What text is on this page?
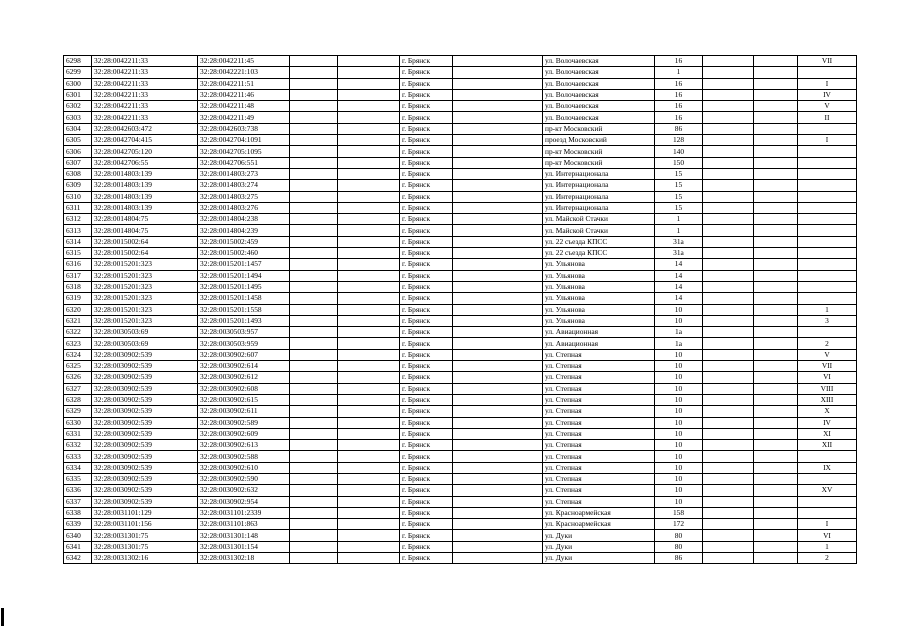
6298	32:28:0042211:33	32:28:0042211:45			г. Брянск		ул. Волочаевская	16			VII
6299	32:28:0042211:33	32:28:0042221:103			г. Брянск		ул. Волочаевская	1			
6300	32:28:0042211:33	32:28:0042211:51			г. Брянск		ул. Волочаевская	16			I
6301	32:28:0042211:33	32:28:0042211:46			г. Брянск		ул. Волочаевская	16			IV
6302	32:28:0042211:33	32:28:0042211:48			г. Брянск		ул. Волочаевская	16			V
6303	32:28:0042211:33	32:28:0042211:49			г. Брянск		ул. Волочаевская	16			II
6304	32:28:0042603:472	32:28:0042603:738			г. Брянск		пр-кт Московский	86			
6305	32:28:0042704:415	32:28:0042704:1091			г. Брянск		проезд Московский	128			I
6306	32:28:0042705:120	32:28:0042705:1095			г. Брянск		пр-кт Московский	140			
6307	32:28:0042706:55	32:28:0042706:551			г. Брянск		пр-кт Московский	150			
6308	32:28:0014803:139	32:28:0014803:273			г. Брянск		ул. Интернационала	15			
6309	32:28:0014803:139	32:28:0014803:274			г. Брянск		ул. Интернационала	15			
6310	32:28:0014803:139	32:28:0014803:275			г. Брянск		ул. Интернационала	15			
6311	32:28:0014803:139	32:28:0014803:276			г. Брянск		ул. Интернационала	15			
6312	32:28:0014804:75	32:28:0014804:238			г. Брянск		ул. Майской Стачки	1			
6313	32:28:0014804:75	32:28:0014804:239			г. Брянск		ул. Майской Стачки	1			
6314	32:28:0015002:64	32:28:0015002:459			г. Брянск		ул. 22 съезда КПСС	31а			
6315	32:28:0015002:64	32:28:0015002:460			г. Брянск		ул. 22 съезда КПСС	31а			
6316	32:28:0015201:323	32:28:0015201:1457			г. Брянск		ул. Ульянова	14			
6317	32:28:0015201:323	32:28:0015201:1494			г. Брянск		ул. Ульянова	14			
6318	32:28:0015201:323	32:28:0015201:1495			г. Брянск		ул. Ульянова	14			
6319	32:28:0015201:323	32:28:0015201:1458			г. Брянск		ул. Ульянова	14			
6320	32:28:0015201:323	32:28:0015201:1558			г. Брянск		ул. Ульянова	10			1
6321	32:28:0015201:323	32:28:0015201:1493			г. Брянск		ул. Ульянова	10			3
6322	32:28:0030503:69	32:28:0030503:957			г. Брянск		ул. Авиационная	1а			
6323	32:28:0030503:69	32:28:0030503:959			г. Брянск		ул. Авиационная	1а			2
6324	32:28:0030902:539	32:28:0030902:607			г. Брянск		ул. Степная	10			V
6325	32:28:0030902:539	32:28:0030902:614			г. Брянск		ул. Степная	10			VII
6326	32:28:0030902:539	32:28:0030902:612			г. Брянск		ул. Степная	10			VI
6327	32:28:0030902:539	32:28:0030902:608			г. Брянск		ул. Степная	10			VIII
6328	32:28:0030902:539	32:28:0030902:615			г. Брянск		ул. Степная	10			XIII
6329	32:28:0030902:539	32:28:0030902:611			г. Брянск		ул. Степная	10			X
6330	32:28:0030902:539	32:28:0030902:589			г. Брянск		ул. Степная	10			IV
6331	32:28:0030902:539	32:28:0030902:609			г. Брянск		ул. Степная	10			XI
6332	32:28:0030902:539	32:28:0030902:613			г. Брянск		ул. Степная	10			XII
6333	32:28:0030902:539	32:28:0030902:588			г. Брянск		ул. Степная	10			
6334	32:28:0030902:539	32:28:0030902:610			г. Брянск		ул. Степная	10			IX
6335	32:28:0030902:539	32:28:0030902:590			г. Брянск		ул. Степная	10			
6336	32:28:0030902:539	32:28:0030902:632			г. Брянск		ул. Степная	10			XV
6337	32:28:0030902:539	32:28:0030902:954			г. Брянск		ул. Степная	10			
6338	32:28:0031101:129	32:28:0031101:2339			г. Брянск		ул. Красноармейская	158			
6339	32:28:0031101:156	32:28:0031101:863			г. Брянск		ул. Красноармейская	172			I
6340	32:28:0031301:75	32:28:0031301:148			г. Брянск		ул. Дуки	80			VI
6341	32:28:0031301:75	32:28:0031301:154			г. Брянск		ул. Дуки	80			1
6342	32:28:0031302:16	32:28:0031302:18			г. Брянск		ул. Дуки	86			2
